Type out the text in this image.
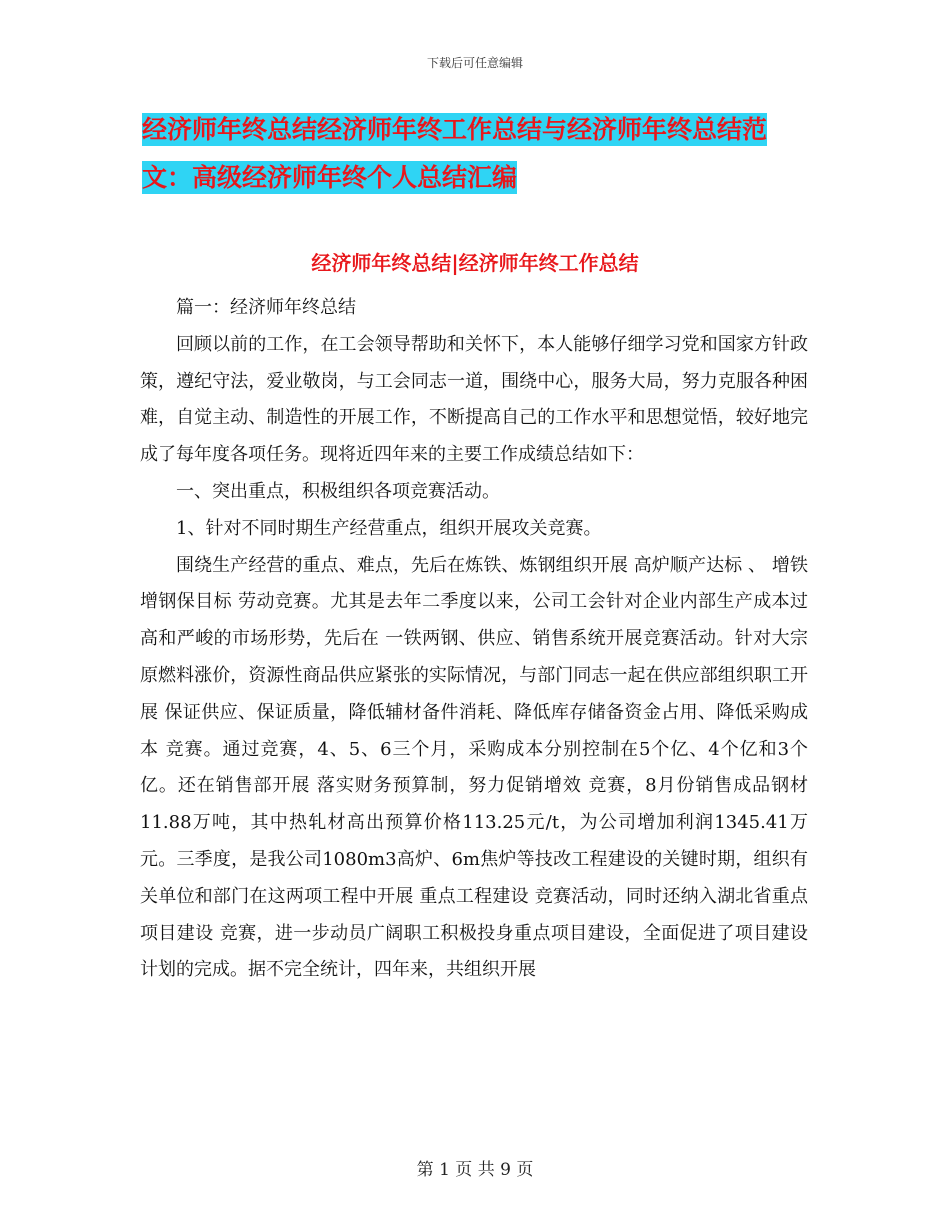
下载后可任意编辑
经济师年终总结经济师年终工作总结与经济师年终总结范文：高级经济师年终个人总结汇编
经济师年终总结|经济师年终工作总结

篇一：经济师年终总结

回顾以前的工作，在工会领导帮助和关怀下，本人能够仔细学习党和国家方针政策，遵纪守法，爱业敬岗，与工会同志一道，围绕中心，服务大局，努力克服各种困难，自觉主动、制造性的开展工作，不断提高自己的工作水平和思想觉悟，较好地完成了每年度各项任务。现将近四年来的主要工作成绩总结如下：

一、突出重点，积极组织各项竞赛活动。

1、针对不同时期生产经营重点，组织开展攻关竞赛。

围绕生产经营的重点、难点，先后在炼铁、炼钢组织开展 高炉顺产达标 、 增铁增钢保目标 劳动竞赛。尤其是去年二季度以来，公司工会针对企业内部生产成本过高和严峻的市场形势，先后在 一铁两钢、供应、销售系统开展竞赛活动。针对大宗原燃料涨价，资源性商品供应紧张的实际情况，与部门同志一起在供应部组织职工开展 保证供应、保证质量，降低辅材备件消耗、降低库存储备资金占用、降低采购成本 竞赛。通过竞赛，4、5、6三个月，采购成本分别控制在5个亿、4个亿和3个亿。还在销售部开展 落实财务预算制，努力促销增效 竞赛，8月份销售成品钢材11.88万吨，其中热轧材高出预算价格113.25元/t，为公司增加利润1345.41万元。三季度，是我公司1080m3高炉、6m焦炉等技改工程建设的关键时期，组织有关单位和部门在这两项工程中开展 重点工程建设 竞赛活动，同时还纳入湖北省重点项目建设 竞赛，进一步动员广阔职工积极投身重点项目建设，全面促进了项目建设计划的完成。据不完全统计，四年来，共组织开展

第 1 页 共 9 页
